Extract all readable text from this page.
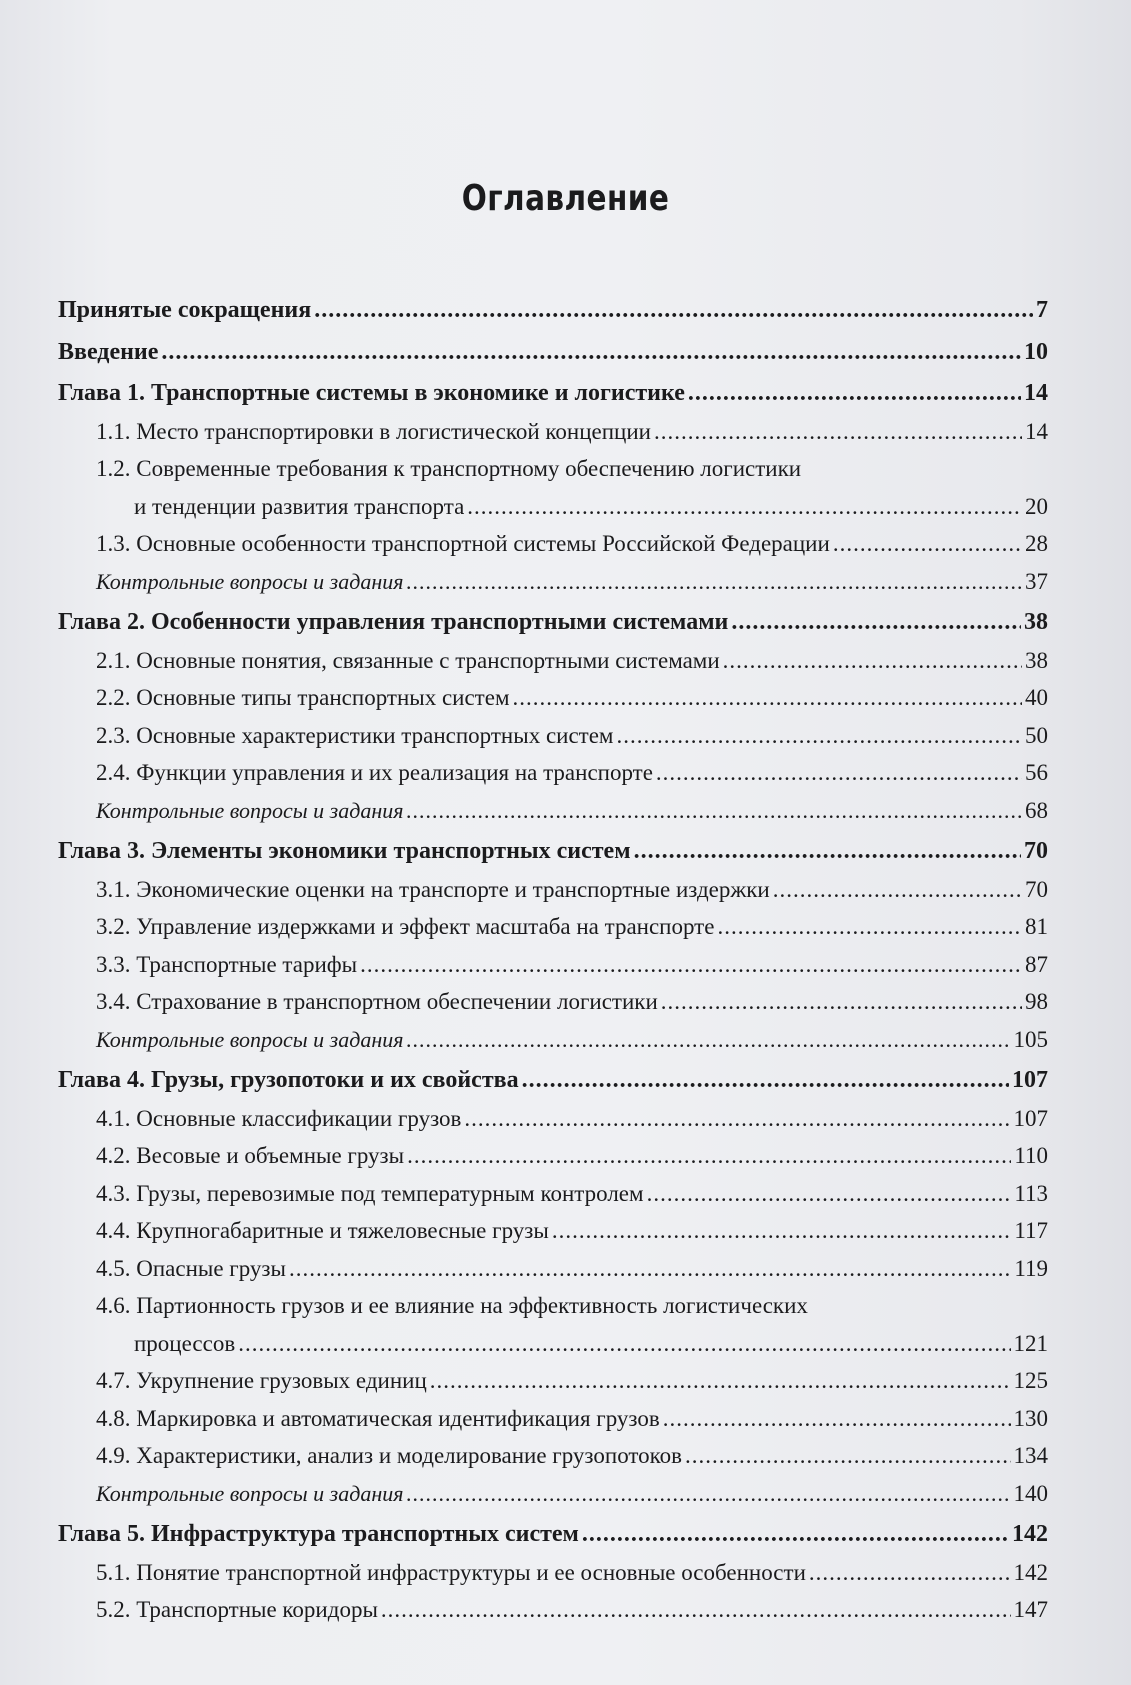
Оглавление
Принятые сокращения .....	7
Введение .....	10
Глава 1. Транспортные системы в экономике и логистике .....	14
1.1. Место транспортировки в логистической концепции .....	14
1.2. Современные требования к транспортному обеспечению логистики
и тенденции развития транспорта .....	20
1.3. Основные особенности транспортной системы Российской Федерации .....	28
Контрольные вопросы и задания .....	37
Глава 2. Особенности управления транспортными системами .....	38
2.1. Основные понятия, связанные с транспортными системами .....	38
2.2. Основные типы транспортных систем .....	40
2.3. Основные характеристики транспортных систем .....	50
2.4. Функции управления и их реализация на транспорте .....	56
Контрольные вопросы и задания .....	68
Глава 3. Элементы экономики транспортных систем .....	70
3.1. Экономические оценки на транспорте и транспортные издержки .....	70
3.2. Управление издержками и эффект масштаба на транспорте .....	81
3.3. Транспортные тарифы .....	87
3.4. Страхование в транспортном обеспечении логистики .....	98
Контрольные вопросы и задания .....	105
Глава 4. Грузы, грузопотоки и их свойства .....	107
4.1. Основные классификации грузов .....	107
4.2. Весовые и объемные грузы .....	110
4.3. Грузы, перевозимые под температурным контролем .....	113
4.4. Крупногабаритные и тяжеловесные грузы .....	117
4.5. Опасные грузы .....	119
4.6. Партионность грузов и ее влияние на эффективность логистических
процессов .....	121
4.7. Укрупнение грузовых единиц .....	125
4.8. Маркировка и автоматическая идентификация грузов .....	130
4.9. Характеристики, анализ и моделирование грузопотоков .....	134
Контрольные вопросы и задания .....	140
Глава 5. Инфраструктура транспортных систем .....	142
5.1. Понятие транспортной инфраструктуры и ее основные особенности .....	142
5.2. Транспортные коридоры .....	147
